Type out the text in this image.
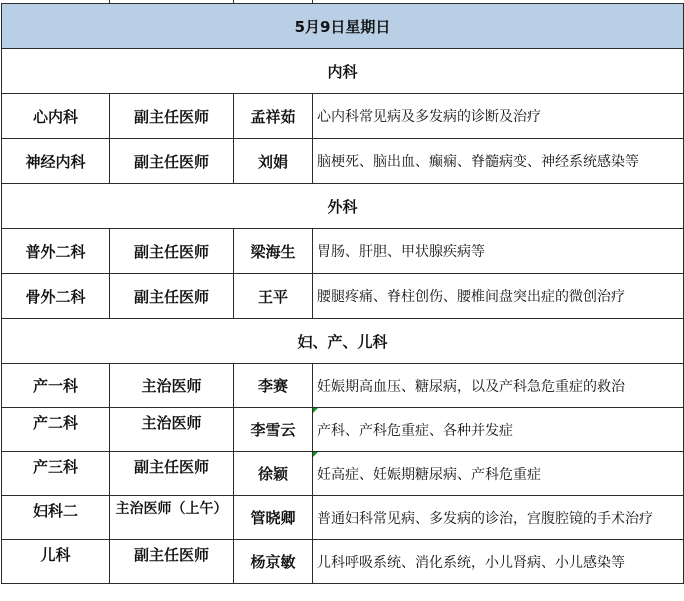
5月9日星期日			
内科			
心内科	副主任医师	孟祥茹	心内科常见病及多发病的诊断及治疗
神经内科	副主任医师	刘娟	脑梗死、脑出血、癫痫、脊髓病变、神经系统感染等
外科			
普外二科	副主任医师	梁海生	胃肠、肝胆、甲状腺疾病等
骨外二科	副主任医师	王平	腰腿疼痛、脊柱创伤、腰椎间盘突出症的微创治疗
妇、产、儿科			
产一科	主治医师	李赛	妊娠期高血压、糖尿病，以及产科急危重症的救治
产二科	主治医师	李雪云	产科、产科危重症、各种并发症
产三科	副主任医师	徐颖	妊高症、妊娠期糖尿病、产科危重症
妇科二	主治医师（上午）	管晓卿	普通妇科常见病、多发病的诊治，宫腹腔镜的手术治疗
儿科	副主任医师	杨京敏	儿科呼吸系统、消化系统，小儿肾病、小儿感染等
